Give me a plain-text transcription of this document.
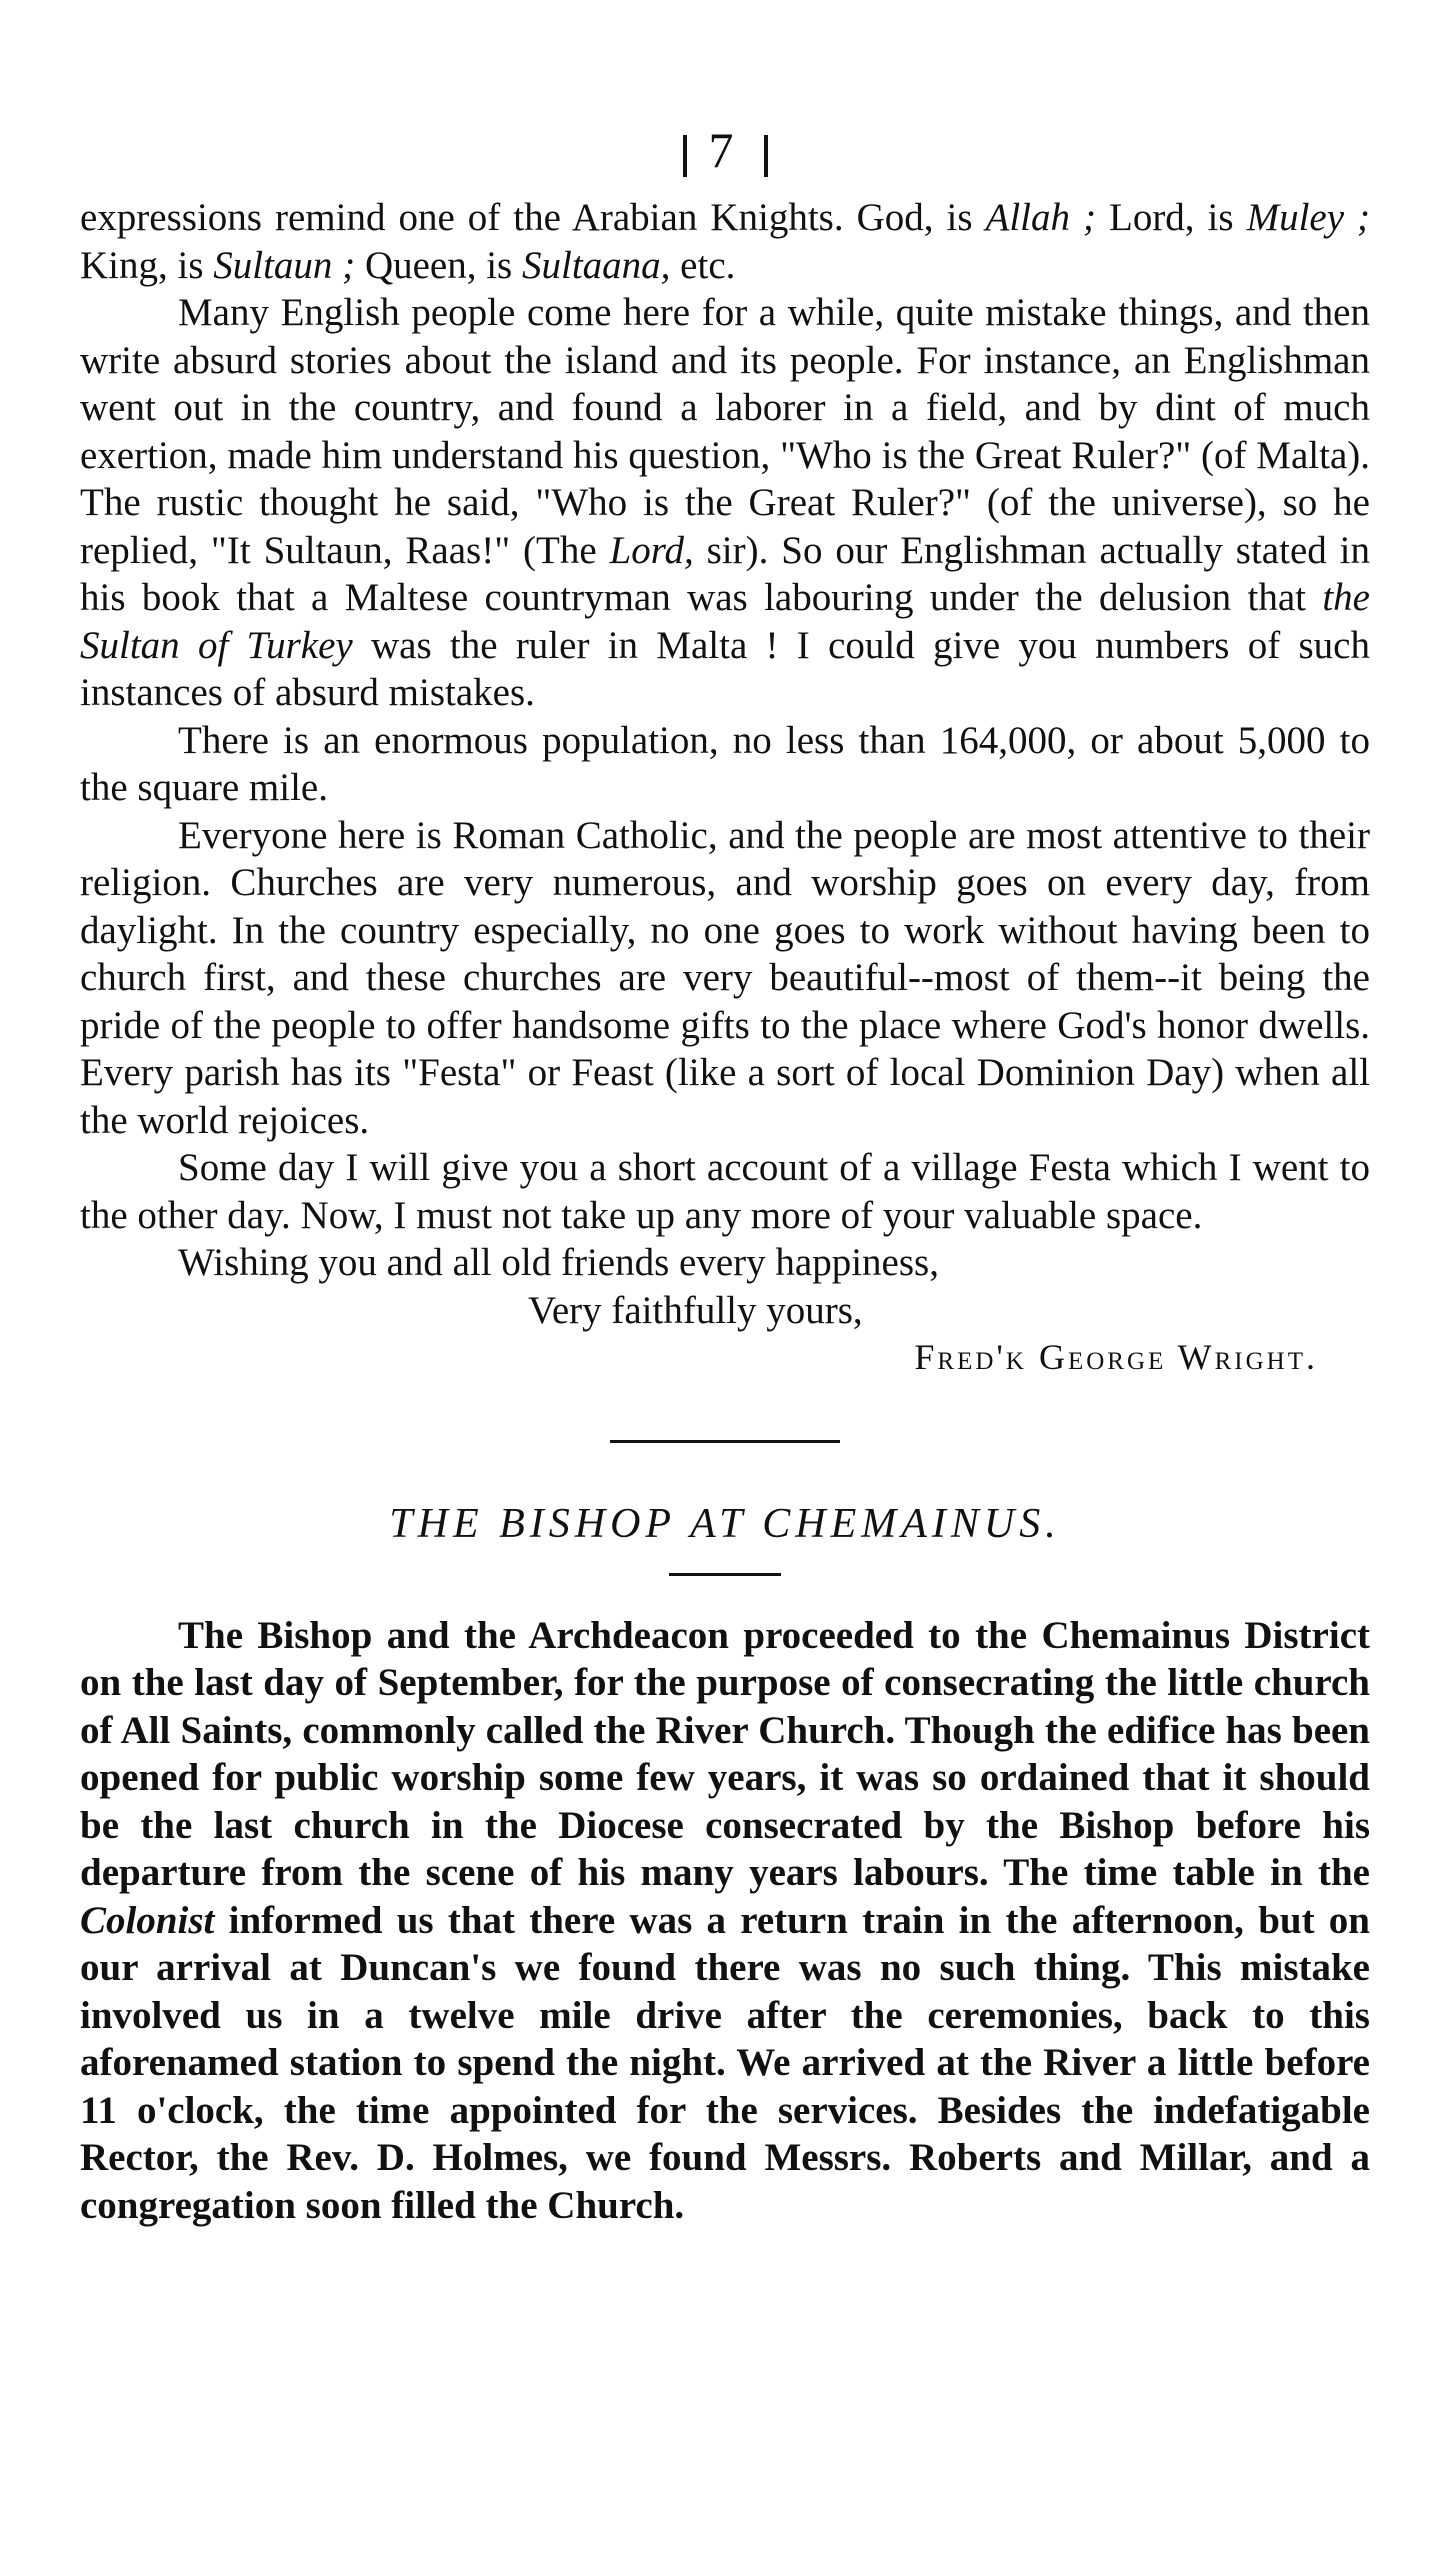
7

expressions remind one of the Arabian Knights. God, is Allah ; Lord, is Muley ; King, is Sultaun ; Queen, is Sultaana, etc.

Many English people come here for a while, quite mistake things, and then write absurd stories about the island and its people. For instance, an Englishman went out in the country, and found a laborer in a field, and by dint of much exertion, made him understand his question, "Who is the Great Ruler?" (of Malta). The rustic thought he said, "Who is the Great Ruler?" (of the universe), so he replied, "It Sultaun, Raas!" (The Lord, sir). So our Englishman actually stated in his book that a Maltese countryman was labouring under the delusion that the Sultan of Turkey was the ruler in Malta ! I could give you numbers of such instances of absurd mistakes.

There is an enormous population, no less than 164,000, or about 5,000 to the square mile.

Everyone here is Roman Catholic, and the people are most attentive to their religion. Churches are very numerous, and worship goes on every day, from daylight. In the country especially, no one goes to work without having been to church first, and these churches are very beautiful--most of them--it being the pride of the people to offer handsome gifts to the place where God's honor dwells. Every parish has its "Festa" or Feast (like a sort of local Dominion Day) when all the world rejoices.

Some day I will give you a short account of a village Festa which I went to the other day. Now, I must not take up any more of your valuable space.

Wishing you and all old friends every happiness,

Very faithfully yours,

Fred'k George Wright.
THE BISHOP AT CHEMAINUS.

The Bishop and the Archdeacon proceeded to the Chemainus District on the last day of September, for the purpose of consecrating the little church of All Saints, commonly called the River Church. Though the edifice has been opened for public worship some few years, it was so ordained that it should be the last church in the Diocese consecrated by the Bishop before his departure from the scene of his many years labours. The time table in the Colonist informed us that there was a return train in the afternoon, but on our arrival at Duncan's we found there was no such thing. This mistake involved us in a twelve mile drive after the ceremonies, back to this aforenamed station to spend the night. We arrived at the River a little before 11 o'clock, the time appointed for the services. Besides the indefatigable Rector, the Rev. D. Holmes, we found Messrs. Roberts and Millar, and a congregation soon filled the Church.
